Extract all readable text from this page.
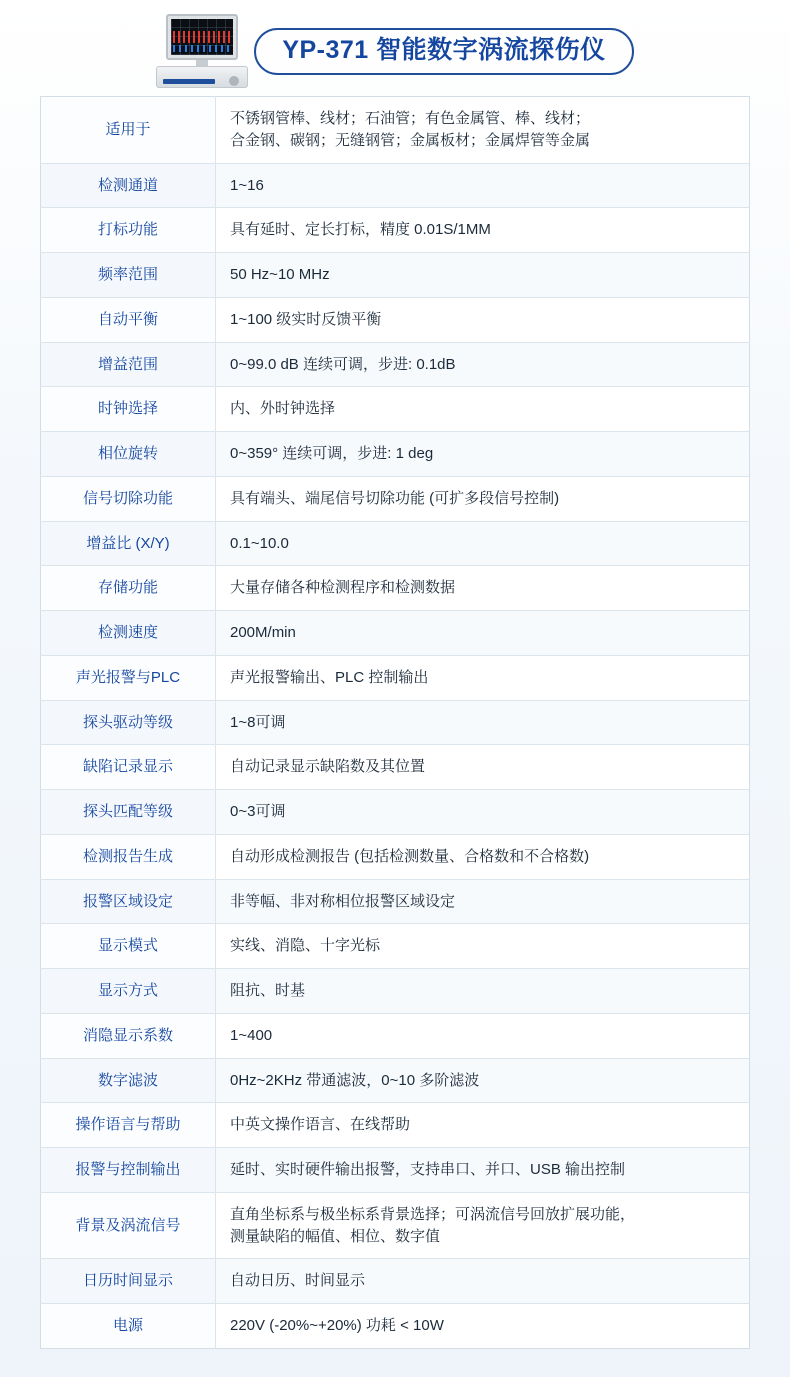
YP-371 智能数字涡流探伤仪
适用于	不锈钢管棒、线材；石油管；有色金属管、棒、线材；
合金钢、碳钢；无缝钢管；金属板材；金属焊管等金属

检测通道	1~16
打标功能	具有延时、定长打标，精度 0.01S/1MM
频率范围	50 Hz~10 MHz
自动平衡	1~100 级实时反馈平衡
增益范围	0~99.0 dB 连续可调，步进: 0.1dB
时钟选择	内、外时钟选择
相位旋转	0~359° 连续可调，步进: 1 deg
信号切除功能	具有端头、端尾信号切除功能 (可扩多段信号控制)
增益比 (X/Y)	0.1~10.0
存储功能	大量存储各种检测程序和检测数据
检测速度	200M/min
声光报警与PLC	声光报警输出、PLC 控制输出
探头驱动等级	1~8可调
缺陷记录显示	自动记录显示缺陷数及其位置
探头匹配等级	0~3可调
检测报告生成	自动形成检测报告 (包括检测数量、合格数和不合格数)
报警区域设定	非等幅、非对称相位报警区域设定
显示模式	实线、消隐、十字光标
显示方式	阻抗、时基
消隐显示系数	1~400
数字滤波	0Hz~2KHz 带通滤波，0~10 多阶滤波
操作语言与帮助	中英文操作语言、在线帮助
报警与控制输出	延时、实时硬件输出报警，支持串口、并口、USB 输出控制
背景及涡流信号	直角坐标系与极坐标系背景选择；可涡流信号回放扩展功能，
测量缺陷的幅值、相位、数字值

日历时间显示	自动日历、时间显示
电源	220V (-20%~+20%) 功耗 < 10W
